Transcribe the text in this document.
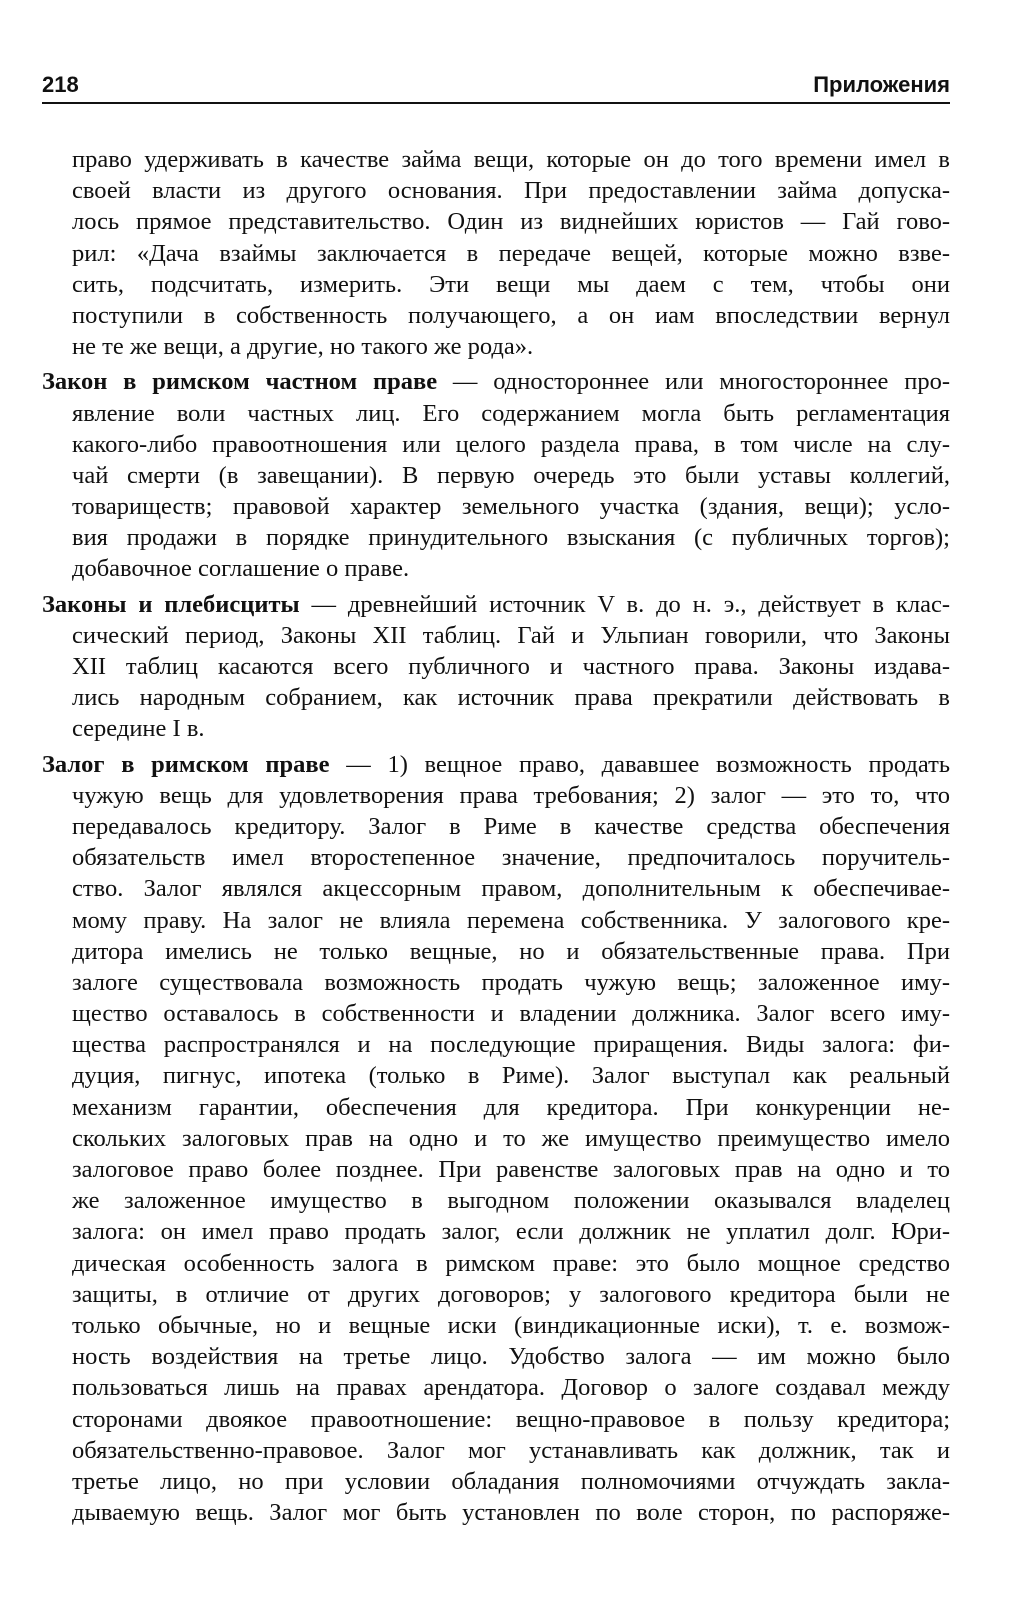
218	Приложения
право удерживать в качестве займа вещи, которые он до того времени имел в
своей власти из другого основания. При предоставлении займа допуска-
лось прямое представительство. Один из виднейших юристов — Гай гово-
рил: «Дача взаймы заключается в передаче вещей, которые можно взве-
сить, подсчитать, измерить. Эти вещи мы даем с тем, чтобы они
поступили в собственность получающего, а он иам впоследствии вернул
не те же вещи, а другие, но такого же рода».
Закон в римском частном праве — одностороннее или многостороннее про-
явление воли частных лиц. Его содержанием могла быть регламентация
какого-либо правоотношения или целого раздела права, в том числе на слу-
чай смерти (в завещании). В первую очередь это были уставы коллегий,
товариществ; правовой характер земельного участка (здания, вещи); усло-
вия продажи в порядке принудительного взыскания (с публичных торгов);
добавочное соглашение о праве.
Законы и плебисциты — древнейший источник V в. до н. э., действует в клас-
сический период, Законы XII таблиц. Гай и Ульпиан говорили, что Законы
XII таблиц касаются всего публичного и частного права. Законы издава-
лись народным собранием, как источник права прекратили действовать в
середине I в.
Залог в римском праве — 1) вещное право, дававшее возможность продать
чужую вещь для удовлетворения права требования; 2) залог — это то, что
передавалось кредитору. Залог в Риме в качестве средства обеспечения
обязательств имел второстепенное значение, предпочиталось поручитель-
ство. Залог являлся акцессорным правом, дополнительным к обеспечивае-
мому праву. На залог не влияла перемена собственника. У залогового кре-
дитора имелись не только вещные, но и обязательственные права. При
залоге существовала возможность продать чужую вещь; заложенное иму-
щество оставалось в собственности и владении должника. Залог всего иму-
щества распространялся и на последующие приращения. Виды залога: фи-
дуция, пигнус, ипотека (только в Риме). Залог выступал как реальный
механизм гарантии, обеспечения для кредитора. При конкуренции не-
скольких залоговых прав на одно и то же имущество преимущество имело
залоговое право более позднее. При равенстве залоговых прав на одно и то
же заложенное имущество в выгодном положении оказывался владелец
залога: он имел право продать залог, если должник не уплатил долг. Юри-
дическая особенность залога в римском праве: это было мощное средство
защиты, в отличие от других договоров; у залогового кредитора были не
только обычные, но и вещные иски (виндикационные иски), т. е. возмож-
ность воздействия на третье лицо. Удобство залога — им можно было
пользоваться лишь на правах арендатора. Договор о залоге создавал между
сторонами двоякое правоотношение: вещно-правовое в пользу кредитора;
обязательственно-правовое. Залог мог устанавливать как должник, так и
третье лицо, но при условии обладания полномочиями отчуждать закла-
дываемую вещь. Залог мог быть установлен по воле сторон, по распоряже-
